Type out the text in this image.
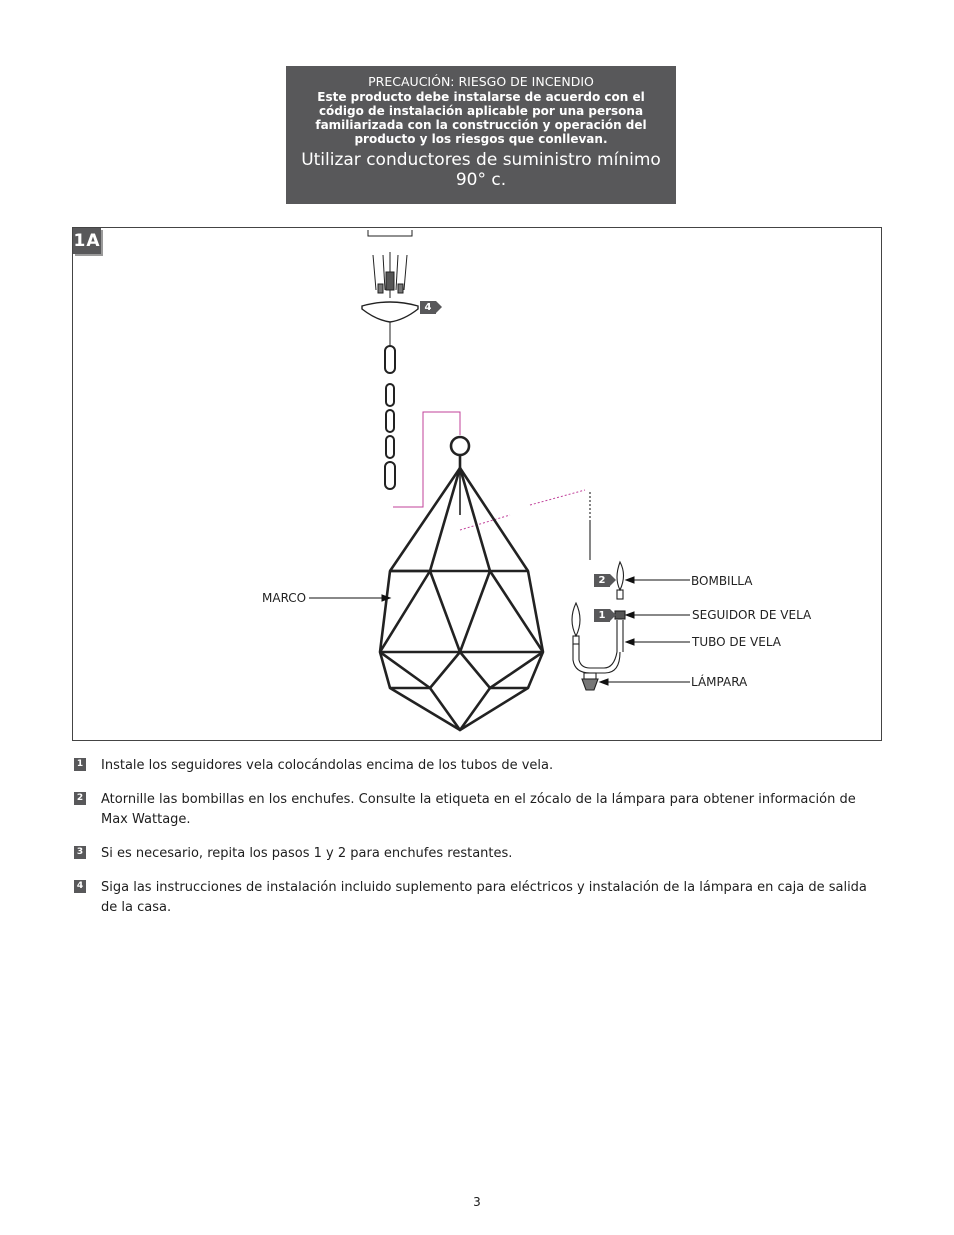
PRECAUCIÓN: RIESGO DE INCENDIO
Este producto debe instalarse de acuerdo con el código de instalación aplicable por una persona familiarizada con la construcción y operación del producto y los riesgos que conllevan.
Utilizar conductores de suministro mínimo 90° c.
1A
4
2
1
MARCO
BOMBILLA
SEGUIDOR DE VELA
TUBO DE VELA
LÁMPARA
1 Instale los seguidores vela colocándolas encima de los tubos de vela.
2 Atornille las bombillas en los enchufes. Consulte la etiqueta en el zócalo de la lámpara para obtener información de Max Wattage.
3 Si es necesario, repita los pasos 1 y 2 para enchufes restantes.
4 Siga las instrucciones de instalación incluido suplemento para eléctricos y instalación de la lámpara en caja de salida de la casa.
3
